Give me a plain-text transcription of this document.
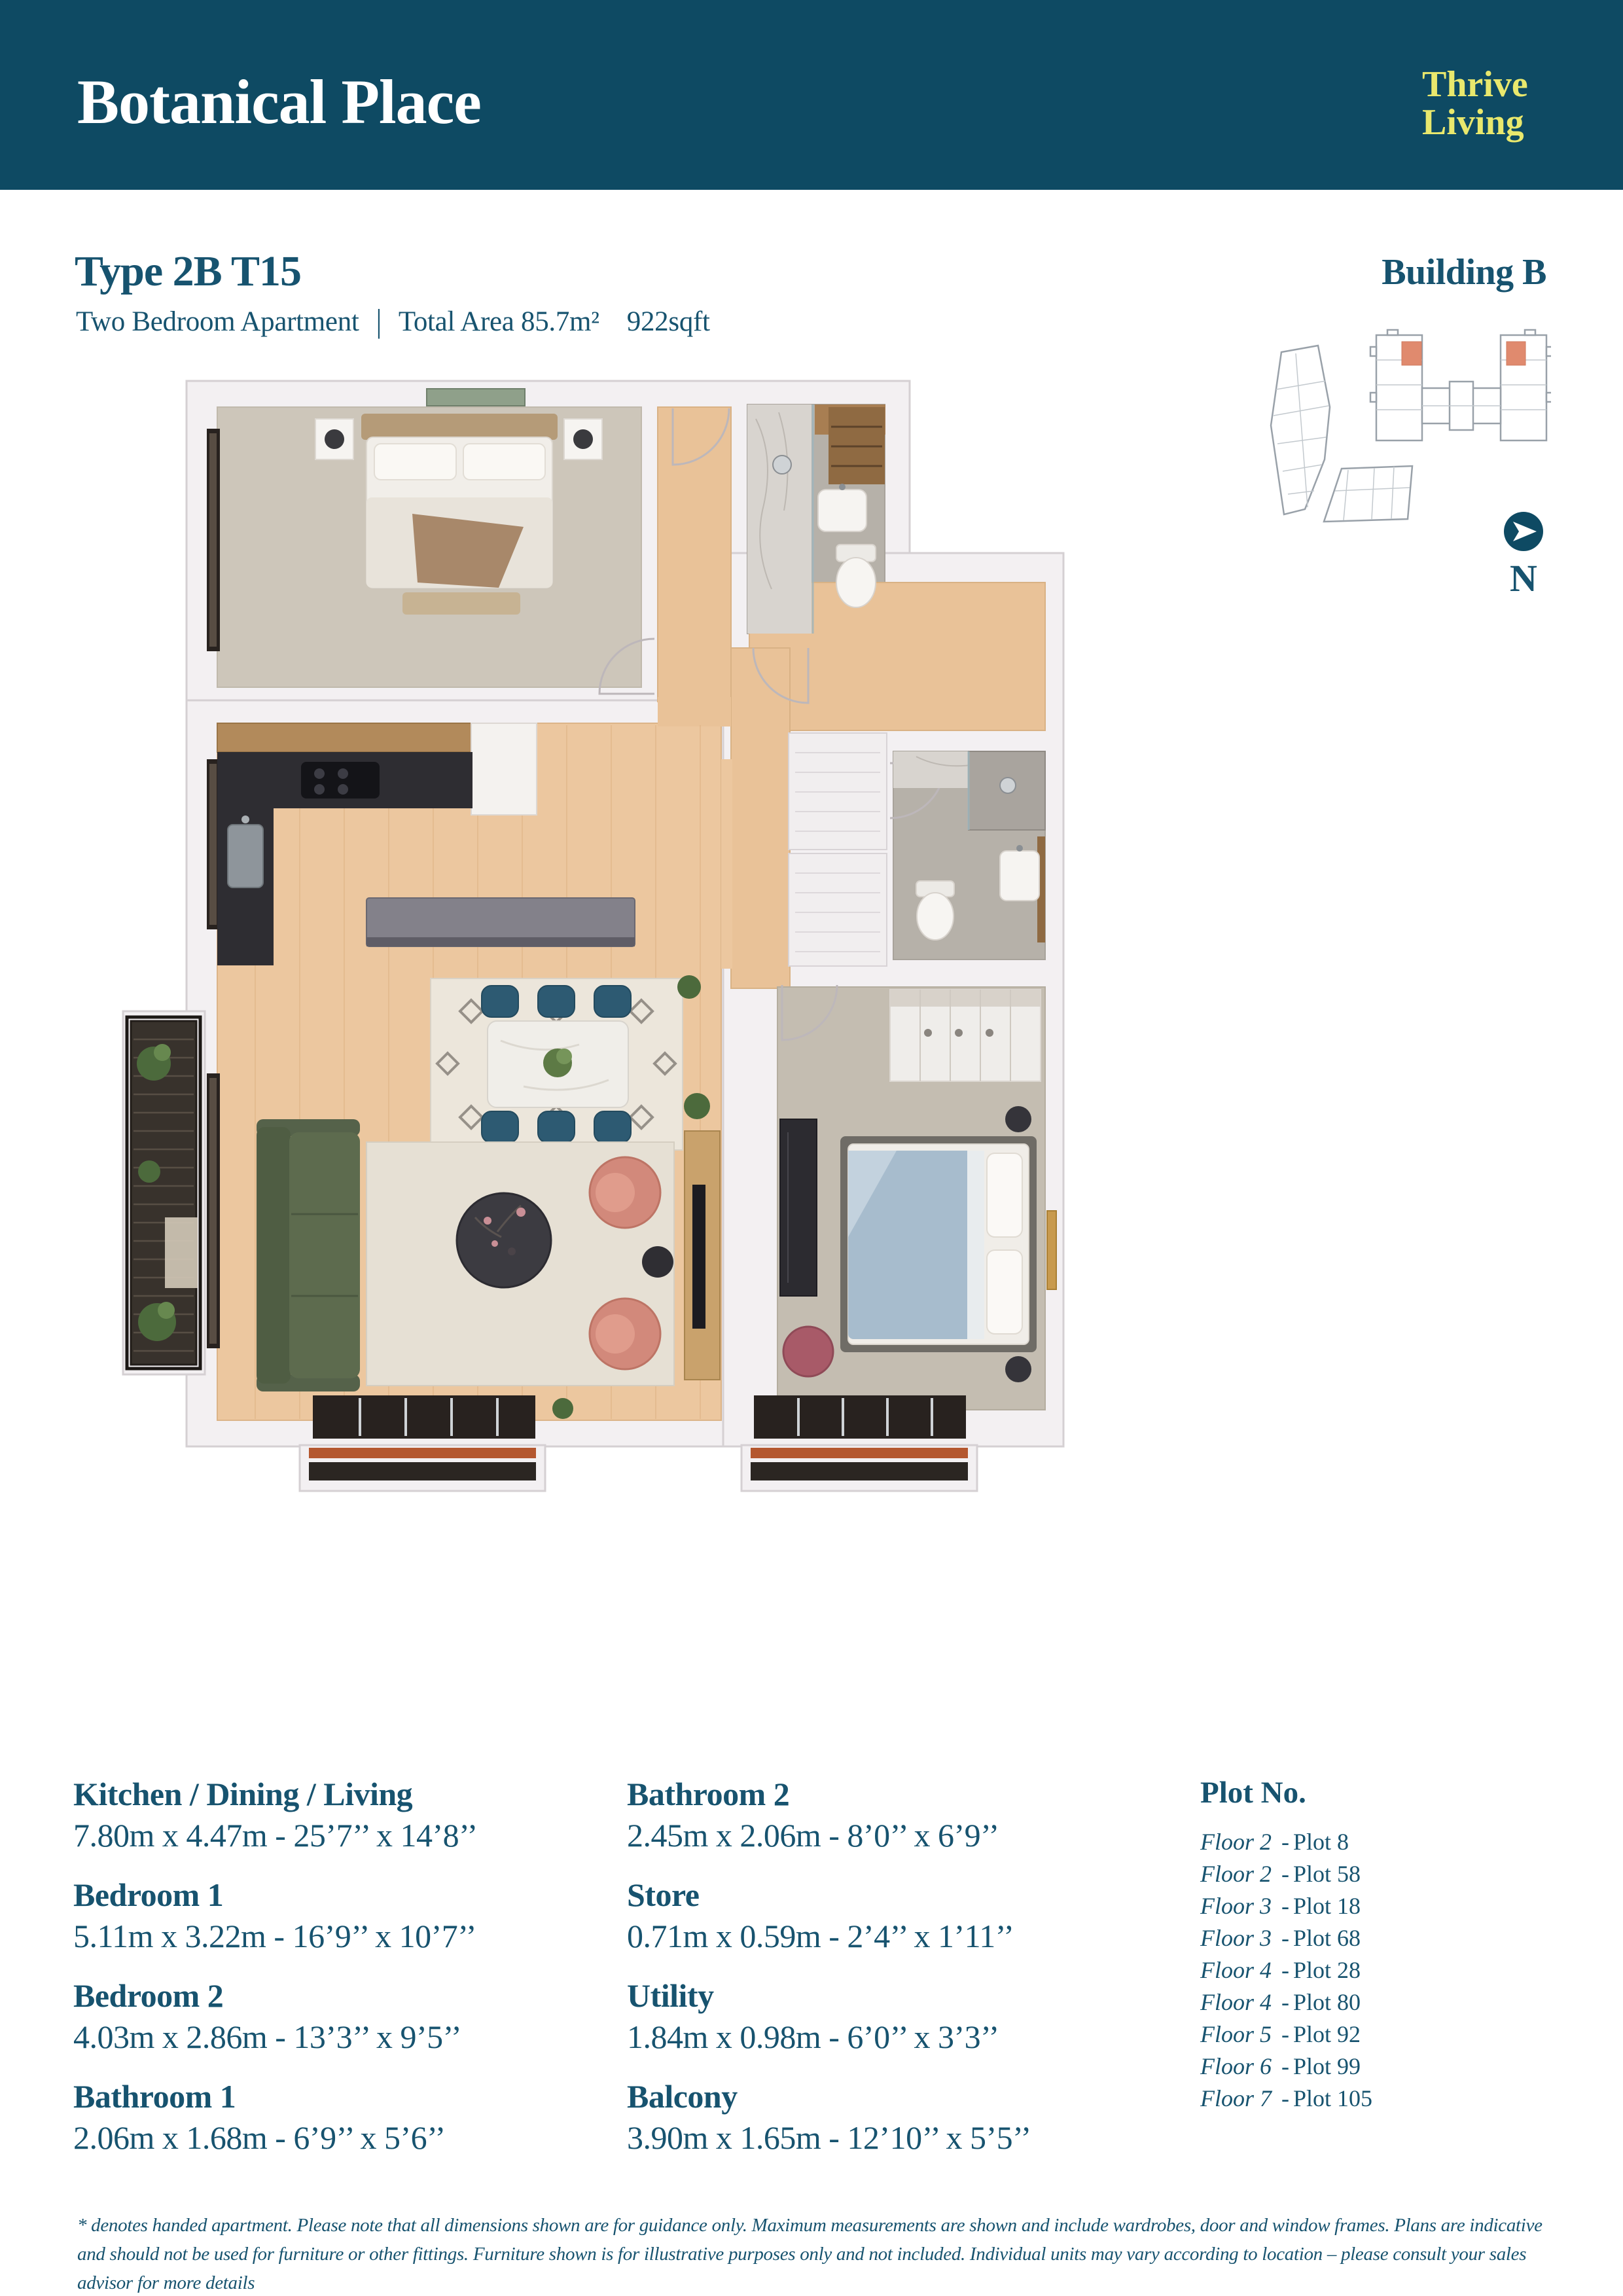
Botanical Place	Thrive
Living
Type 2B T15
Two Bedroom Apartment | Total Area 85.7m² 922sqft
Building B
N
Kitchen / Dining / Living

7.80m x 4.47m - 25’7’’ x 14’8’’

Bedroom 1

5.11m x 3.22m - 16’9’’ x 10’7’’

Bedroom 2

4.03m x 2.86m - 13’3’’ x 9’5’’

Bathroom 1

2.06m x 1.68m - 6’9’’ x 5’6’’

Bathroom 2

2.45m x 2.06m - 8’0’’ x 6’9’’

Store

0.71m x 0.59m - 2’4’’ x 1’11’’

Utility

1.84m x 0.98m - 6’0’’ x 3’3’’

Balcony

3.90m x 1.65m - 12’10’’ x 5’5’’

Plot No.
Floor 2 - Plot 8
Floor 2 - Plot 58
Floor 3 - Plot 18
Floor 3 - Plot 68
Floor 4 - Plot 28
Floor 4 - Plot 80
Floor 5 - Plot 92
Floor 6 - Plot 99
Floor 7 - Plot 105
* denotes handed apartment. Please note that all dimensions shown are for guidance only. Maximum measurements are shown and include wardrobes, door and window frames. Plans are indicative and should not be used for furniture or other fittings. Furniture shown is for illustrative purposes only and not included. Individual units may vary according to location – please consult your sales advisor for more details
